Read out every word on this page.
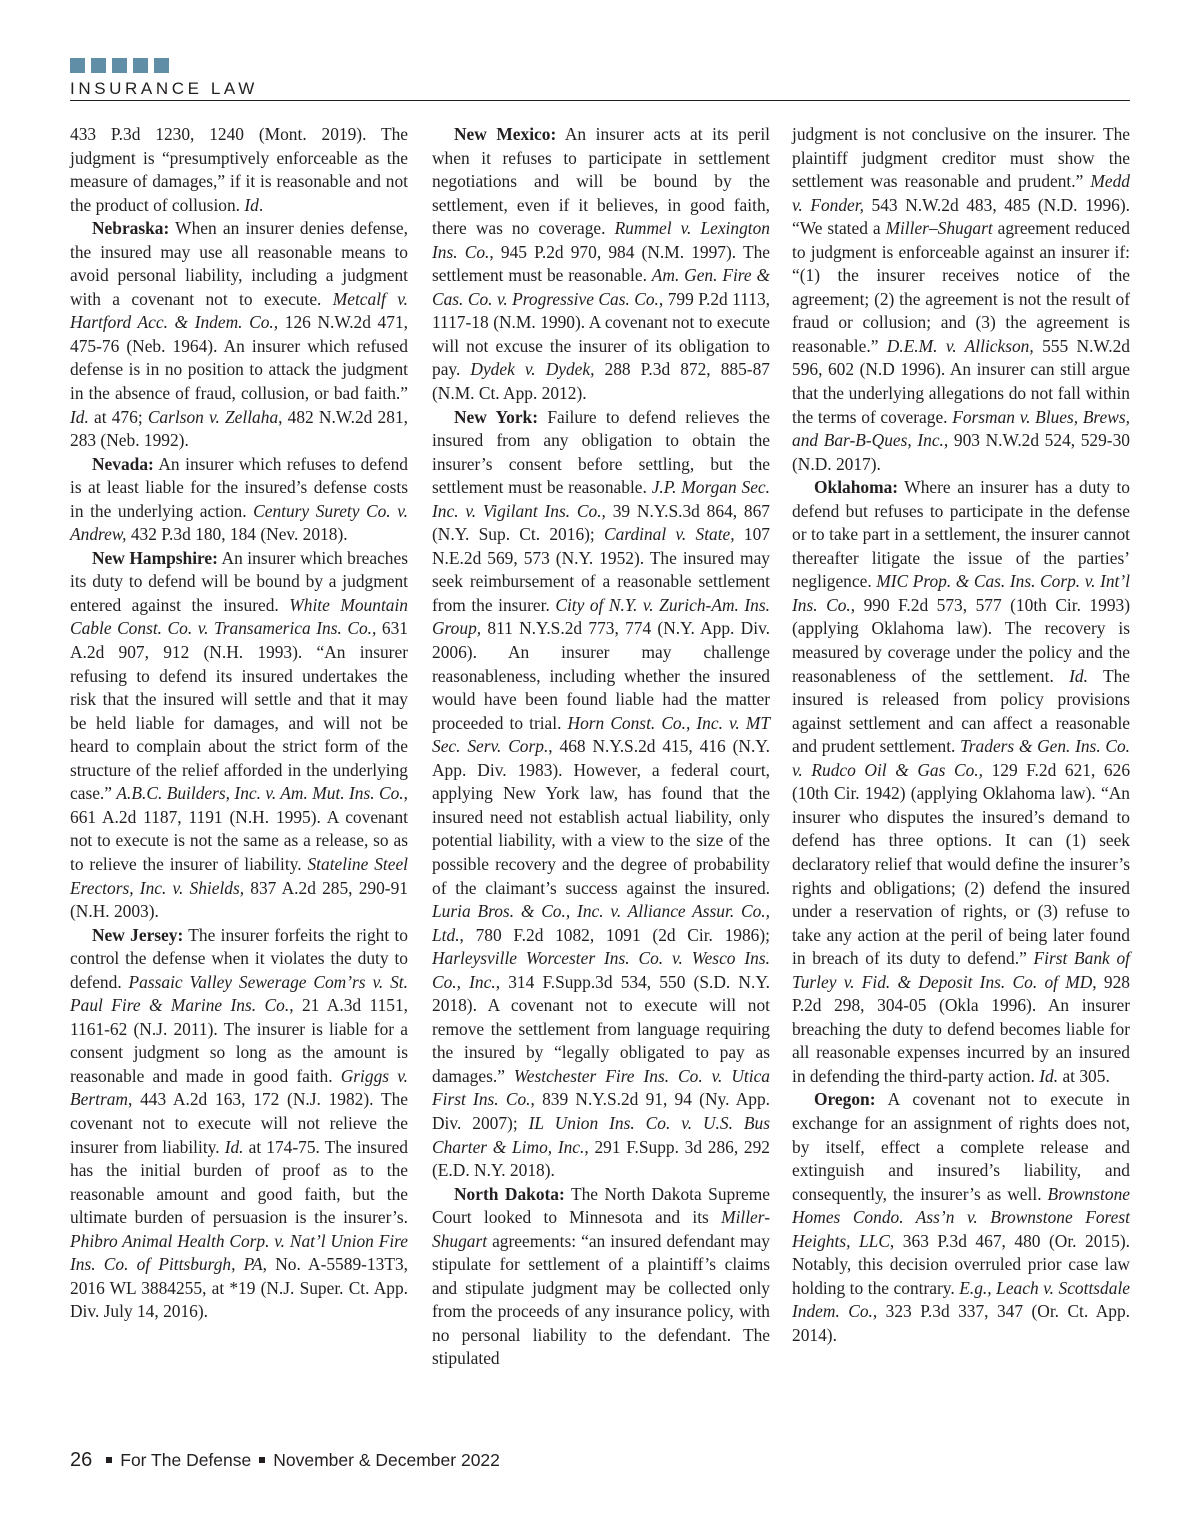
INSURANCE LAW

433 P.3d 1230, 1240 (Mont. 2019). The judgment is “presumptively enforceable as the measure of damages,” if it is reasonable and not the product of collusion. Id.

Nebraska: When an insurer denies defense, the insured may use all reasonable means to avoid personal liability, including a judgment with a covenant not to execute. Metcalf v. Hartford Acc. & Indem. Co., 126 N.W.2d 471, 475-76 (Neb. 1964). An insurer which refused defense is in no position to attack the judgment in the absence of fraud, collusion, or bad faith.” Id. at 476; Carlson v. Zellaha, 482 N.W.2d 281, 283 (Neb. 1992).

Nevada: An insurer which refuses to defend is at least liable for the insured’s defense costs in the underlying action. Century Surety Co. v. Andrew, 432 P.3d 180, 184 (Nev. 2018).

New Hampshire: An insurer which breaches its duty to defend will be bound by a judgment entered against the insured. White Mountain Cable Const. Co. v. Transamerica Ins. Co., 631 A.2d 907, 912 (N.H. 1993). “An insurer refusing to defend its insured undertakes the risk that the insured will settle and that it may be held liable for damages, and will not be heard to complain about the strict form of the structure of the relief afforded in the underlying case.” A.B.C. Builders, Inc. v. Am. Mut. Ins. Co., 661 A.2d 1187, 1191 (N.H. 1995). A covenant not to execute is not the same as a release, so as to relieve the insurer of liability. Stateline Steel Erectors, Inc. v. Shields, 837 A.2d 285, 290-91 (N.H. 2003).

New Jersey: The insurer forfeits the right to control the defense when it violates the duty to defend. Passaic Valley Sewerage Com’rs v. St. Paul Fire & Marine Ins. Co., 21 A.3d 1151, 1161-62 (N.J. 2011). The insurer is liable for a consent judgment so long as the amount is reasonable and made in good faith. Griggs v. Bertram, 443 A.2d 163, 172 (N.J. 1982). The covenant not to execute will not relieve the insurer from liability. Id. at 174-75. The insured has the initial burden of proof as to the reasonable amount and good faith, but the ultimate burden of persuasion is the insurer’s. Phibro Animal Health Corp. v. Nat’l Union Fire Ins. Co. of Pittsburgh, PA, No. A-5589-13T3, 2016 WL 3884255, at *19 (N.J. Super. Ct. App. Div. July 14, 2016).

New Mexico: An insurer acts at its peril when it refuses to participate in settlement negotiations and will be bound by the settlement, even if it believes, in good faith, there was no coverage. Rummel v. Lexington Ins. Co., 945 P.2d 970, 984 (N.M. 1997). The settlement must be reasonable. Am. Gen. Fire & Cas. Co. v. Progressive Cas. Co., 799 P.2d 1113, 1117-18 (N.M. 1990). A covenant not to execute will not excuse the insurer of its obligation to pay. Dydek v. Dydek, 288 P.3d 872, 885-87 (N.M. Ct. App. 2012).

New York: Failure to defend relieves the insured from any obligation to obtain the insurer’s consent before settling, but the settlement must be reasonable. J.P. Morgan Sec. Inc. v. Vigilant Ins. Co., 39 N.Y.S.3d 864, 867 (N.Y. Sup. Ct. 2016); Cardinal v. State, 107 N.E.2d 569, 573 (N.Y. 1952). The insured may seek reimbursement of a reasonable settlement from the insurer. City of N.Y. v. Zurich-Am. Ins. Group, 811 N.Y.S.2d 773, 774 (N.Y. App. Div. 2006). An insurer may challenge reasonableness, including whether the insured would have been found liable had the matter proceeded to trial. Horn Const. Co., Inc. v. MT Sec. Serv. Corp., 468 N.Y.S.2d 415, 416 (N.Y. App. Div. 1983). However, a federal court, applying New York law, has found that the insured need not establish actual liability, only potential liability, with a view to the size of the possible recovery and the degree of probability of the claimant’s success against the insured. Luria Bros. & Co., Inc. v. Alliance Assur. Co., Ltd., 780 F.2d 1082, 1091 (2d Cir. 1986); Harleysville Worcester Ins. Co. v. Wesco Ins. Co., Inc., 314 F.Supp.3d 534, 550 (S.D. N.Y. 2018). A covenant not to execute will not remove the settlement from language requiring the insured by “legally obligated to pay as damages.” Westchester Fire Ins. Co. v. Utica First Ins. Co., 839 N.Y.S.2d 91, 94 (Ny. App. Div. 2007); IL Union Ins. Co. v. U.S. Bus Charter & Limo, Inc., 291 F.Supp. 3d 286, 292 (E.D. N.Y. 2018).

North Dakota: The North Dakota Supreme Court looked to Minnesota and its Miller-Shugart agreements: “an insured defendant may stipulate for settlement of a plaintiff’s claims and stipulate judgment may be collected only from the proceeds of any insurance policy, with no personal liability to the defendant. The stipulated

judgment is not conclusive on the insurer. The plaintiff judgment creditor must show the settlement was reasonable and prudent.” Medd v. Fonder, 543 N.W.2d 483, 485 (N.D. 1996). “We stated a Miller–Shugart agreement reduced to judgment is enforceable against an insurer if: “(1) the insurer receives notice of the agreement; (2) the agreement is not the result of fraud or collusion; and (3) the agreement is reasonable.” D.E.M. v. Allickson, 555 N.W.2d 596, 602 (N.D 1996). An insurer can still argue that the underlying allegations do not fall within the terms of coverage. Forsman v. Blues, Brews, and Bar-B-Ques, Inc., 903 N.W.2d 524, 529-30 (N.D. 2017).

Oklahoma: Where an insurer has a duty to defend but refuses to participate in the defense or to take part in a settlement, the insurer cannot thereafter litigate the issue of the parties’ negligence. MIC Prop. & Cas. Ins. Corp. v. Int’l Ins. Co., 990 F.2d 573, 577 (10th Cir. 1993) (applying Oklahoma law). The recovery is measured by coverage under the policy and the reasonableness of the settlement. Id. The insured is released from policy provisions against settlement and can affect a reasonable and prudent settlement. Traders & Gen. Ins. Co. v. Rudco Oil & Gas Co., 129 F.2d 621, 626 (10th Cir. 1942) (applying Oklahoma law). “An insurer who disputes the insured’s demand to defend has three options. It can (1) seek declaratory relief that would define the insurer’s rights and obligations; (2) defend the insured under a reservation of rights, or (3) refuse to take any action at the peril of being later found in breach of its duty to defend.” First Bank of Turley v. Fid. & Deposit Ins. Co. of MD, 928 P.2d 298, 304-05 (Okla 1996). An insurer breaching the duty to defend becomes liable for all reasonable expenses incurred by an insured in defending the third-party action. Id. at 305.

Oregon: A covenant not to execute in exchange for an assignment of rights does not, by itself, effect a complete release and extinguish and insured’s liability, and consequently, the insurer’s as well. Brownstone Homes Condo. Ass’n v. Brownstone Forest Heights, LLC, 363 P.3d 467, 480 (Or. 2015). Notably, this decision overruled prior case law holding to the contrary. E.g., Leach v. Scottsdale Indem. Co., 323 P.3d 337, 347 (Or. Ct. App. 2014).

26 For The Defense November & December 2022
